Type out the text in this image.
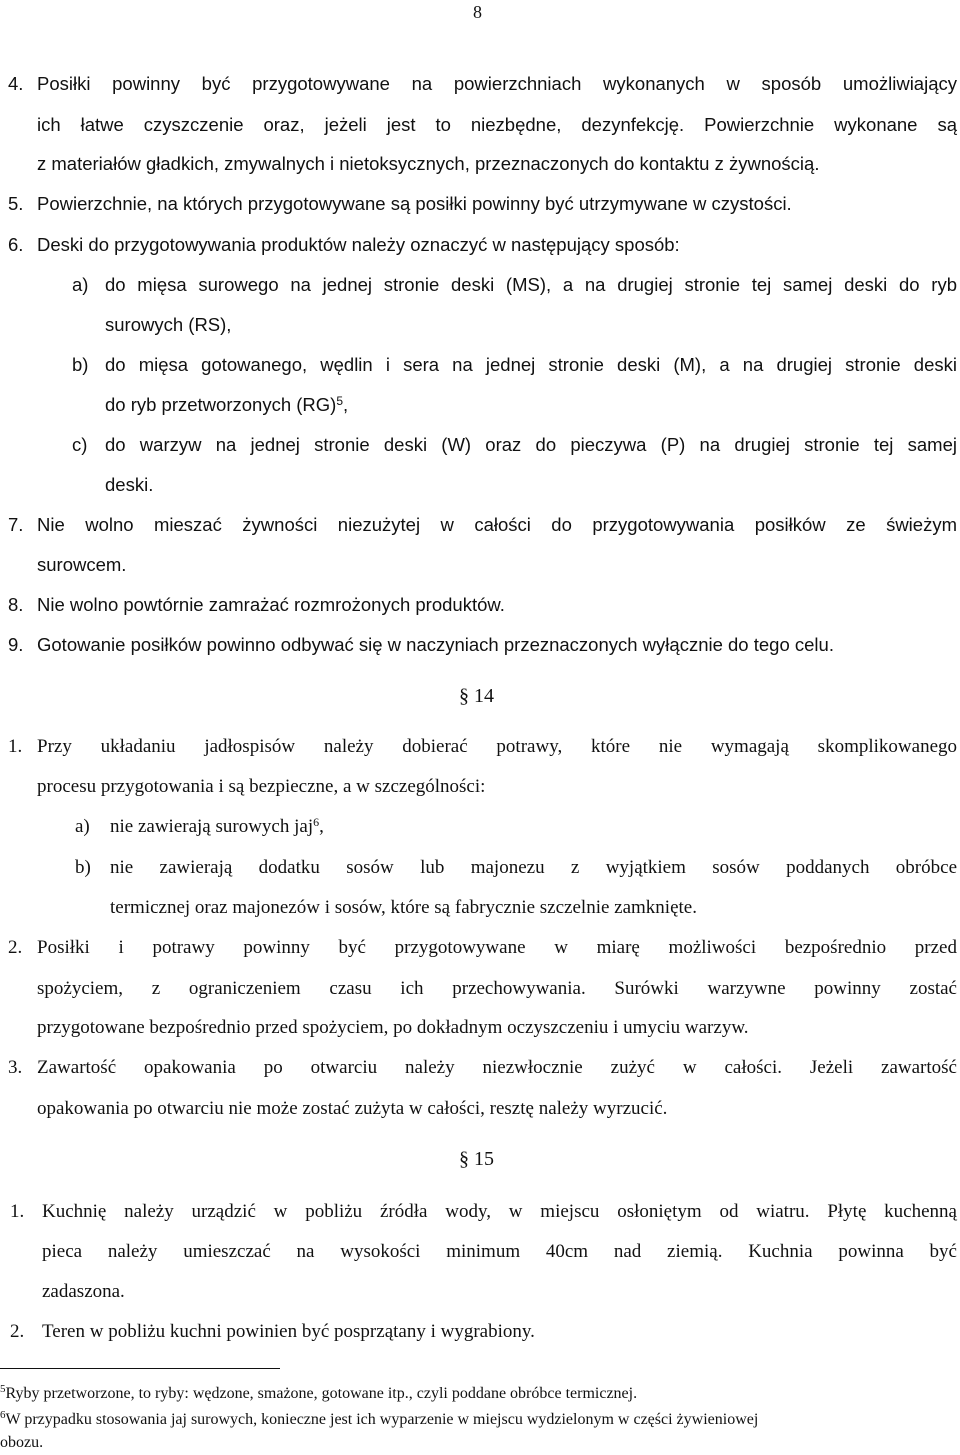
8
4. Posiłki powinny być przygotowywane na powierzchniach wykonanych w sposób umożliwiający
ich łatwe czyszczenie oraz, jeżeli jest to niezbędne, dezynfekcję. Powierzchnie wykonane są
z materiałów gładkich, zmywalnych i nietoksycznych, przeznaczonych do kontaktu z żywnością.
5. Powierzchnie, na których przygotowywane są posiłki powinny być utrzymywane w czystości.
6. Deski do przygotowywania produktów należy oznaczyć w następujący sposób:
a) do mięsa surowego na jednej stronie deski (MS), a na drugiej stronie tej samej deski do ryb
surowych (RS),
b) do mięsa gotowanego, wędlin i sera na jednej stronie deski (M), a na drugiej stronie deski
do ryb przetworzonych (RG)$^5$,
c) do warzyw na jednej stronie deski (W) oraz do pieczywa (P) na drugiej stronie tej samej
deski.
7. Nie wolno mieszać żywności niezużytej w całości do przygotowywania posiłków ze świeżym
surowcem.
8. Nie wolno powtórnie zamrażać rozmrożonych produktów.
9. Gotowanie posiłków powinno odbywać się w naczyniach przeznaczonych wyłącznie do tego celu.
§ 14
1. Przy układaniu jadłospisów należy dobierać potrawy, które nie wymagają skomplikowanego
procesu przygotowania i są bezpieczne, a w szczególności:
a) nie zawierają surowych jaj$^6$,
b) nie zawierają dodatku sosów lub majonezu z wyjątkiem sosów poddanych obróbce
termicznej oraz majonezów i sosów, które są fabrycznie szczelnie zamknięte.
2. Posiłki i potrawy powinny być przygotowywane w miarę możliwości bezpośrednio przed
spożyciem, z ograniczeniem czasu ich przechowywania. Surówki warzywne powinny zostać
przygotowane bezpośrednio przed spożyciem, po dokładnym oczyszczeniu i umyciu warzyw.
3. Zawartość opakowania po otwarciu należy niezwłocznie zużyć w całości. Jeżeli zawartość
opakowania po otwarciu nie może zostać zużyta w całości, resztę należy wyrzucić.
§ 15
1. Kuchnię należy urządzić w pobliżu źródła wody, w miejscu osłoniętym od wiatru. Płytę kuchenną
pieca należy umieszczać na wysokości minimum 40cm nad ziemią. Kuchnia powinna być
zadaszona.
2. Teren w pobliżu kuchni powinien być posprzątany i wygrabiony.
$^5$Ryby przetworzone, to ryby: wędzone, smażone, gotowane itp., czyli poddane obróbce termicznej.
$^6$W przypadku stosowania jaj surowych, konieczne jest ich wyparzenie w miejscu wydzielonym w części żywieniowej
obozu.
